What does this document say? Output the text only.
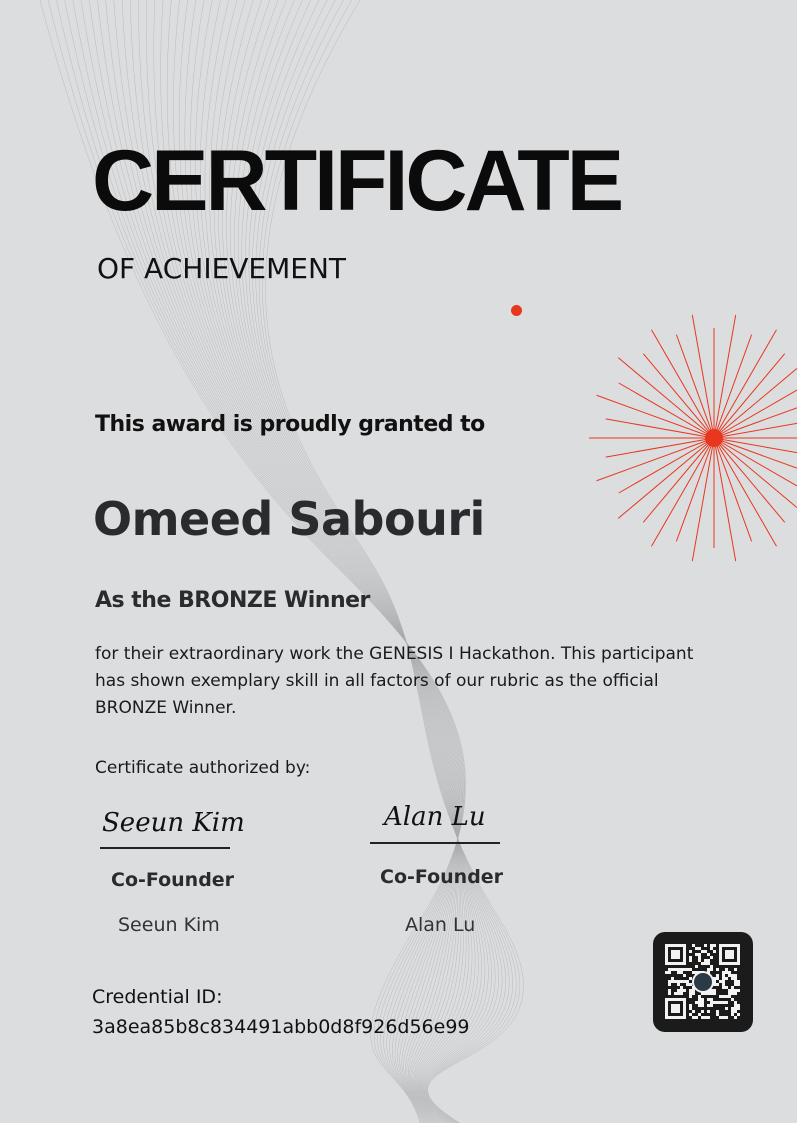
CERTIFICATE
OF ACHIEVEMENT
This award is proudly granted to
Omeed Sabouri
As the BRONZE Winner
for their extraordinary work the GENESIS I Hackathon. This participant has shown exemplary skill in all factors of our rubric as the official BRONZE Winner.
Certificate authorized by:
Seeun Kim
Co-Founder
Seeun Kim
Alan Lu
Co-Founder
Alan Lu
Credential ID:
3a8ea85b8c834491abb0d8f926d56e99
